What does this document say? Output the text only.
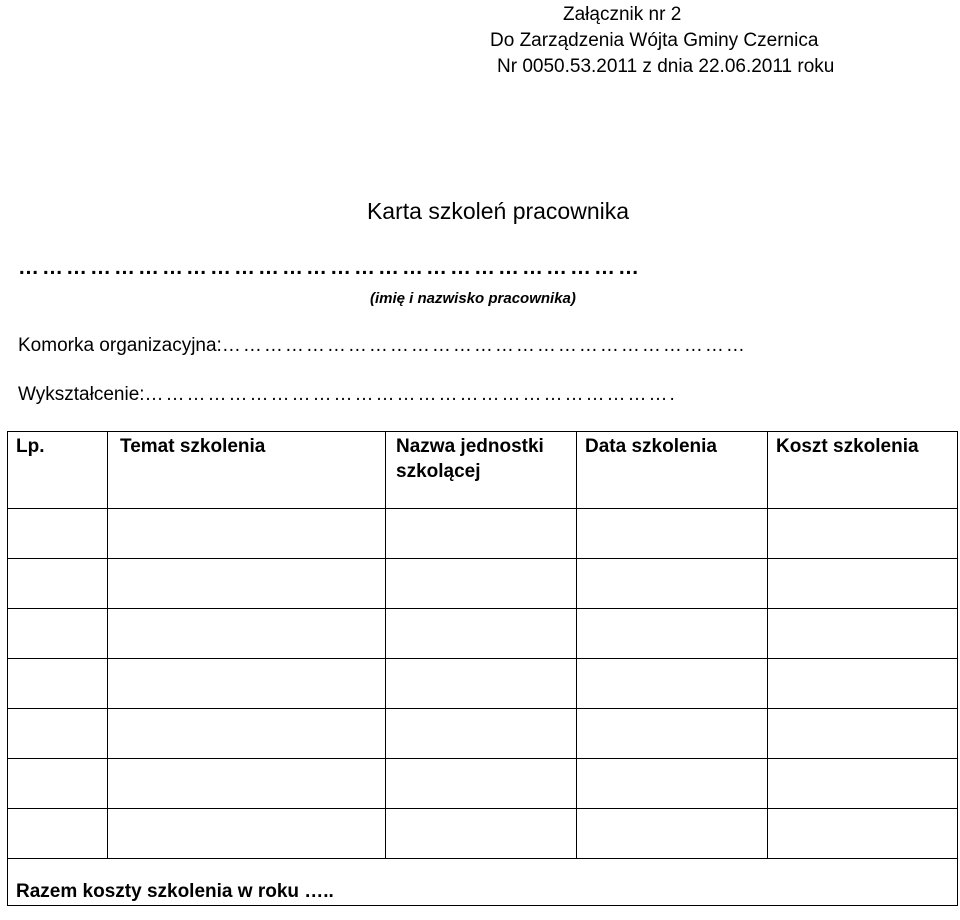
Załącznik nr 2
Do Zarządzenia Wójta Gminy Czernica
Nr 0050.53.2011 z dnia 22.06.2011 roku
Karta szkoleń pracownika
……………………………………………………………………
(imię i nazwisko pracownika)
Komorka organizacyjna:…………………………………………………………………
Wykształcenie:………………………………………………………………….
Lp.	Temat szkolenia	Nazwa jednostki szkolącej	Data szkolenia	Koszt szkolenia

Razem koszty szkolenia w roku …..				
